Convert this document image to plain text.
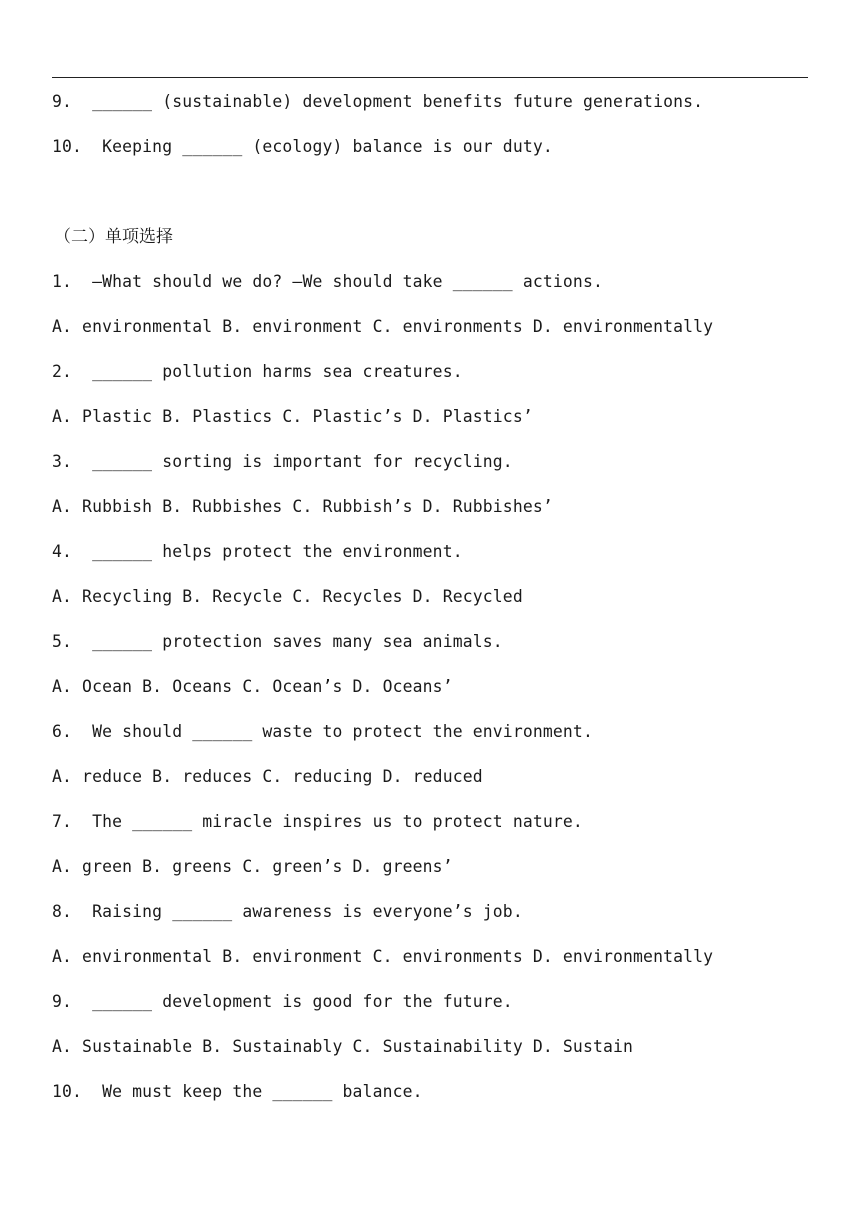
9.  ______ (sustainable) development benefits future generations.
10.  Keeping ______ (ecology) balance is our duty.
（二）单项选择
1.  —What should we do? —We should take ______ actions.
A. environmental B. environment C. environments D. environmentally
2.  ______ pollution harms sea creatures.
A. Plastic B. Plastics C. Plastic’s D. Plastics’
3.  ______ sorting is important for recycling.
A. Rubbish B. Rubbishes C. Rubbish’s D. Rubbishes’
4.  ______ helps protect the environment.
A. Recycling B. Recycle C. Recycles D. Recycled
5.  ______ protection saves many sea animals.
A. Ocean B. Oceans C. Ocean’s D. Oceans’
6.  We should ______ waste to protect the environment.
A. reduce B. reduces C. reducing D. reduced
7.  The ______ miracle inspires us to protect nature.
A. green B. greens C. green’s D. greens’
8.  Raising ______ awareness is everyone’s job.
A. environmental B. environment C. environments D. environmentally
9.  ______ development is good for the future.
A. Sustainable B. Sustainably C. Sustainability D. Sustain
10.  We must keep the ______ balance.
